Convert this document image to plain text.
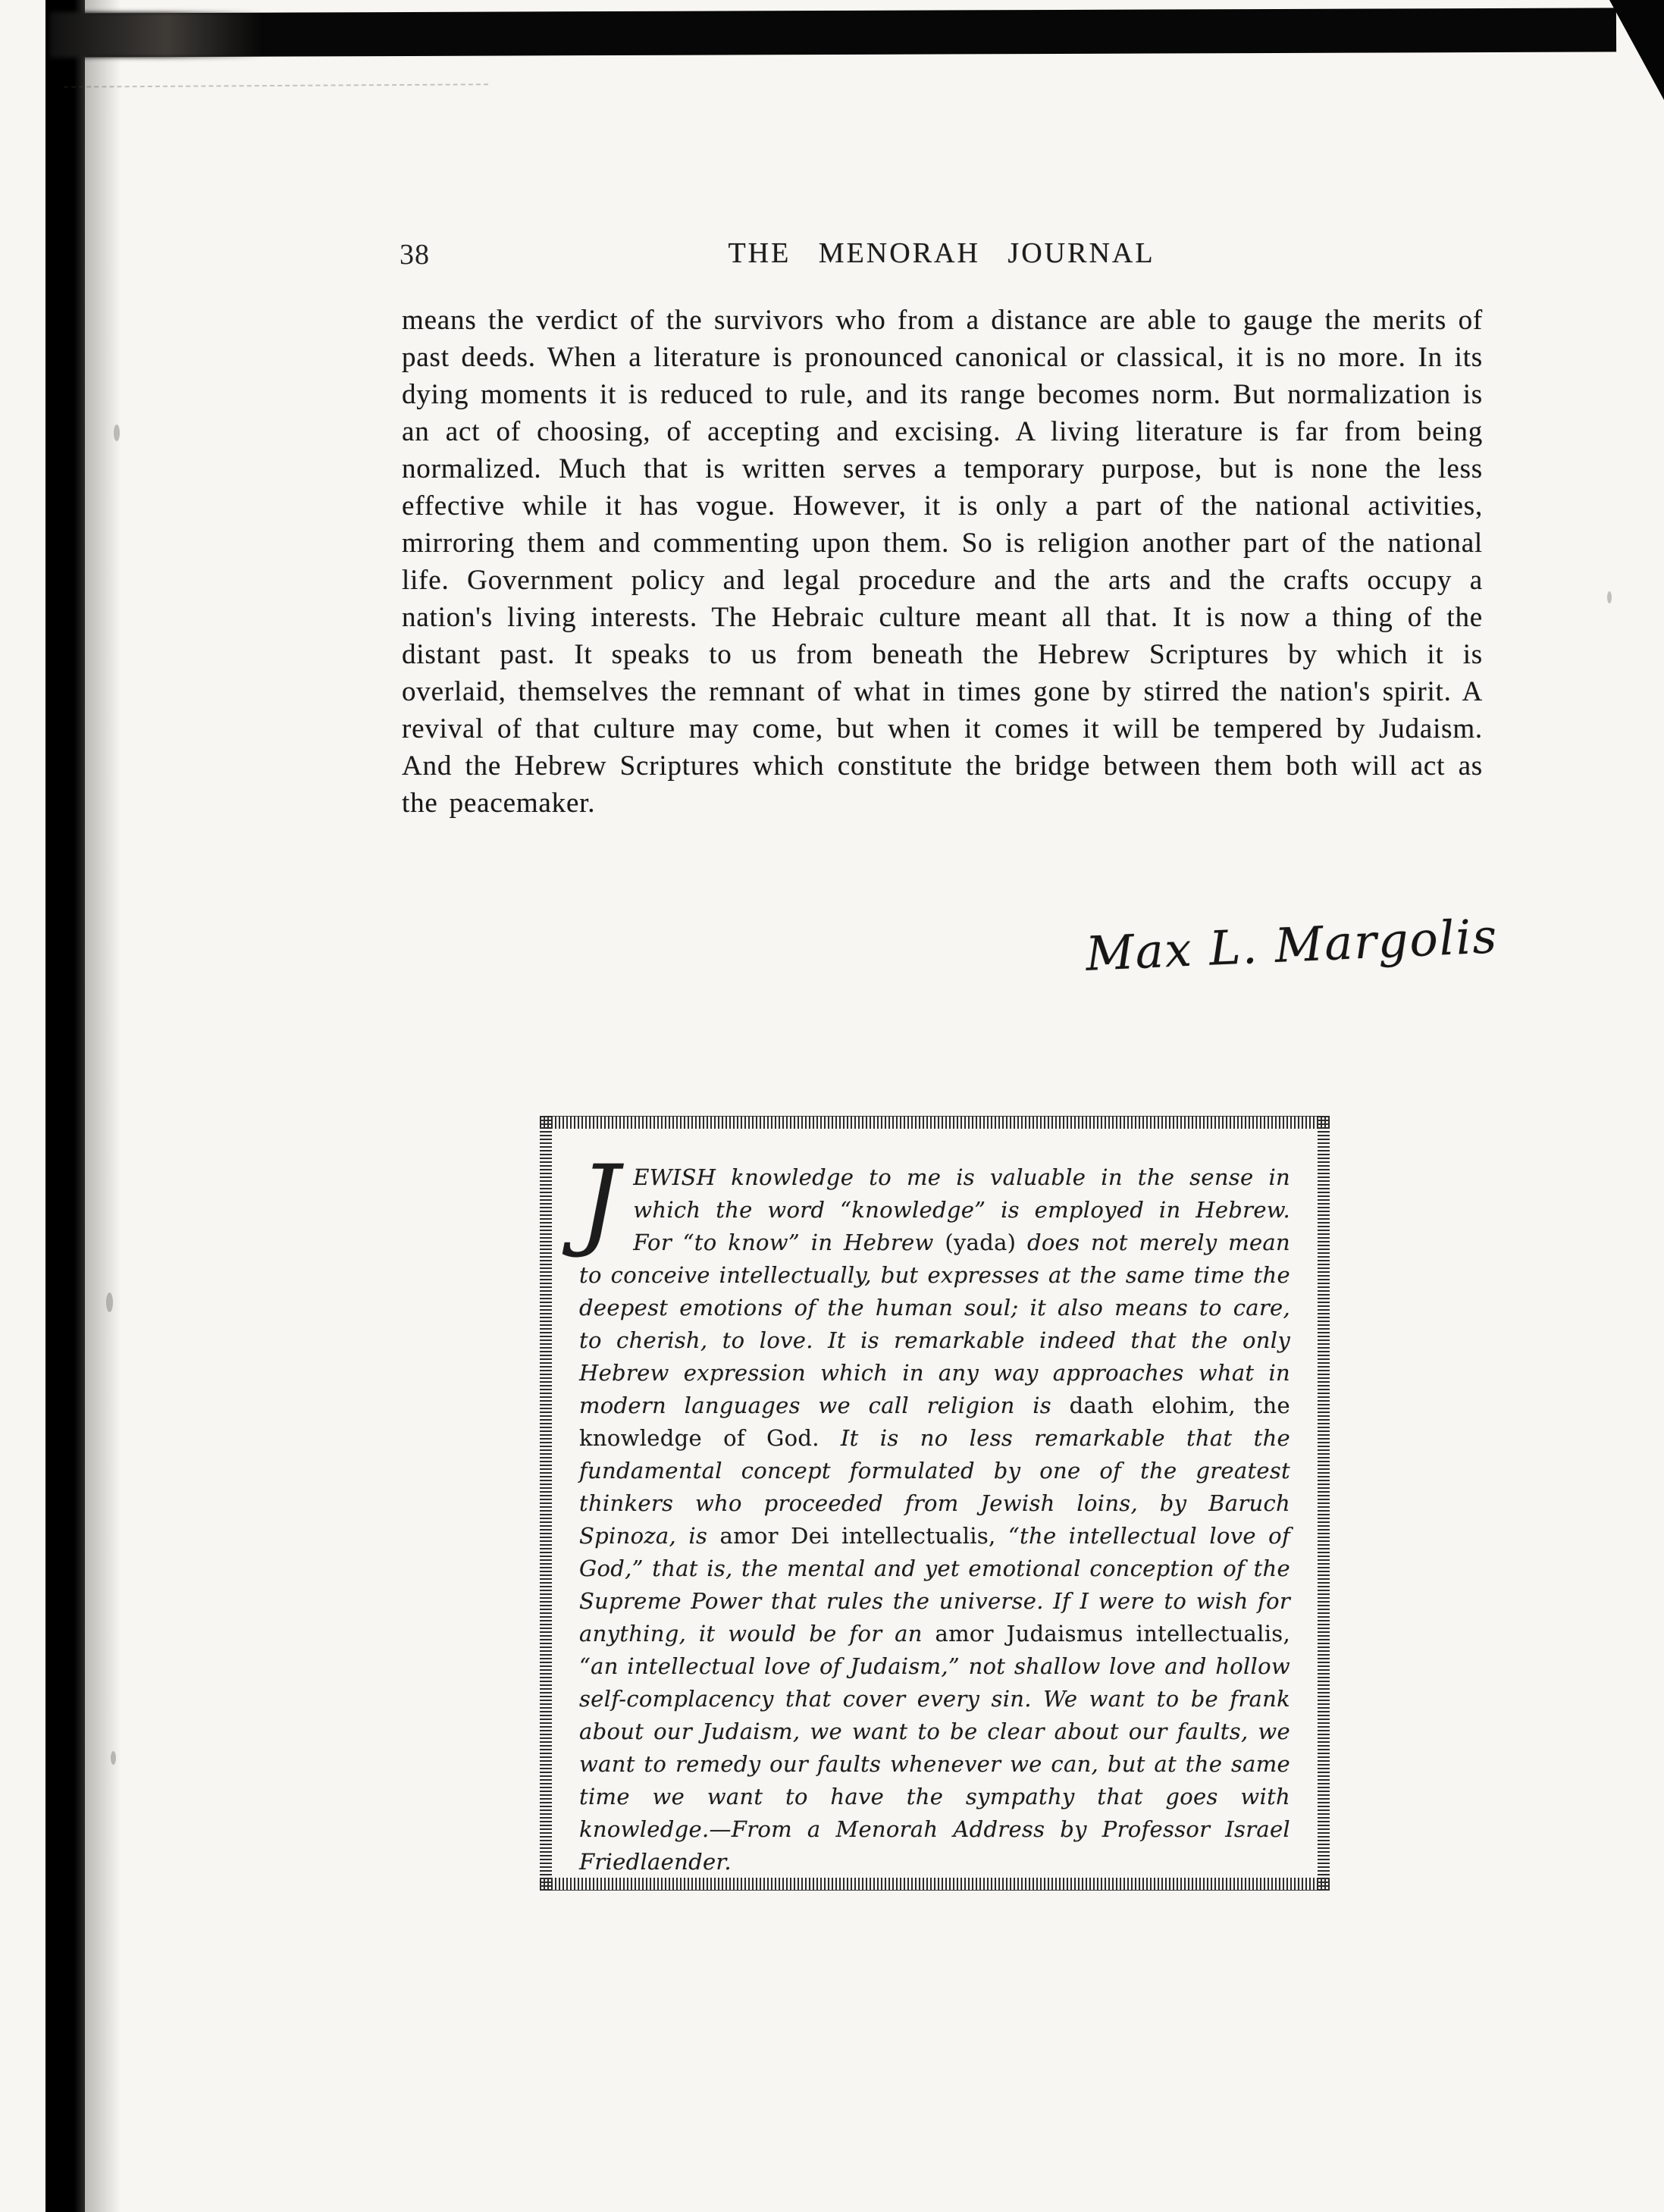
38	THE MENORAH JOURNAL

means the verdict of the survivors who from a distance are able to gauge the merits of past deeds. When a literature is pronounced canonical or classical, it is no more. In its dying moments it is reduced to rule, and its range becomes norm. But normalization is an act of choosing, of accepting and excising. A living literature is far from being normalized. Much that is written serves a temporary purpose, but is none the less effective while it has vogue. However, it is only a part of the national activities, mirroring them and commenting upon them. So is religion another part of the national life. Government policy and legal procedure and the arts and the crafts occupy a nation's living interests. The Hebraic culture meant all that. It is now a thing of the distant past. It speaks to us from beneath the Hebrew Scriptures by which it is overlaid, themselves the remnant of what in times gone by stirred the nation's spirit. A revival of that culture may come, but when it comes it will be tempered by Judaism. And the Hebrew Scriptures which constitute the bridge between them both will act as the peacemaker.

Max L. Margolis

JEWISH knowledge to me is valuable in the sense in which the word “knowledge” is employed in Hebrew. For “to know” in Hebrew (yada) does not merely mean to conceive intellectually, but expresses at the same time the deepest emotions of the human soul; it also means to care, to cherish, to love. It is remarkable indeed that the only Hebrew expression which in any way approaches what in modern languages we call religion is daath elohim, the knowledge of God. It is no less remarkable that the fundamental concept formulated by one of the greatest thinkers who proceeded from Jewish loins, by Baruch Spinoza, is amor Dei intellectualis, “the intellectual love of God,” that is, the mental and yet emotional conception of the Supreme Power that rules the universe. If I were to wish for anything, it would be for an amor Judaismus intellectualis, “an intellectual love of Judaism,” not shallow love and hollow self-complacency that cover every sin. We want to be frank about our Judaism, we want to be clear about our faults, we want to remedy our faults whenever we can, but at the same time we want to have the sympathy that goes with knowledge.—From a Menorah Address by Professor Israel Friedlaender.
